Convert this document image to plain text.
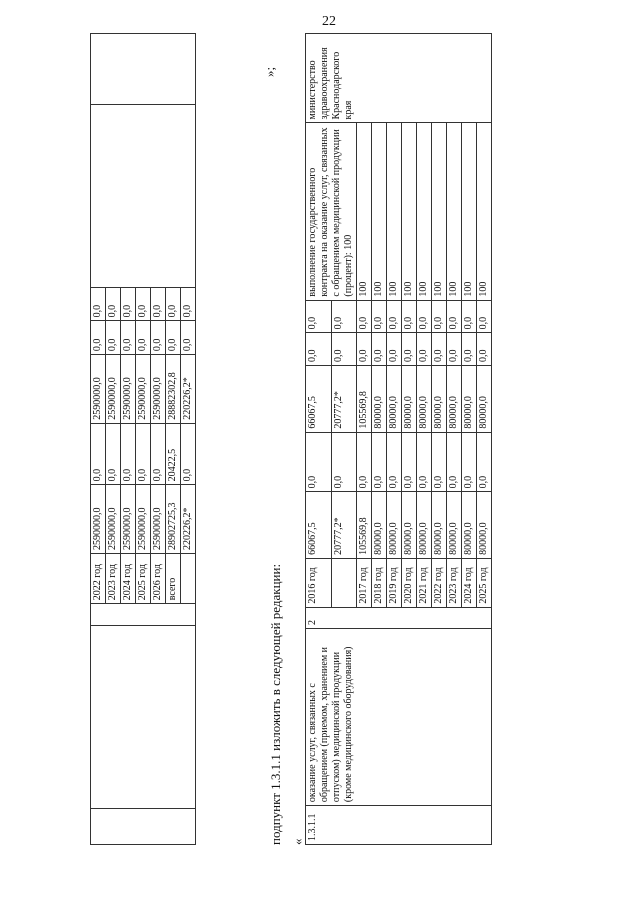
22
			2022 год	2590000,0	0,0	2590000,0	0,0	0,0		
			2023 год	2590000,0	0,0	2590000,0	0,0	0,0		
			2024 год	2590000,0	0,0	2590000,0	0,0	0,0		
			2025 год	2590000,0	0,0	2590000,0	0,0	0,0		
			2026 год	2590000,0	0,0	2590000,0	0,0	0,0		
			всего	28902725,3	20422,5	28882302,8	0,0	0,0		
				220226,2*	0,0	220226,2*	0,0	0,0		
подпункт 1.3.1.1 изложить в следующей редакции: «
»;
1.3.1.1	оказание услуг, связанных с обращением (приемом, хранением и отпуском) медицинской продукции (кроме медицинского оборудования)	2	2016 год	66067,5	0,0	66067,5	0,0	0,0	выполнение государственного контракта на оказание услуг, связанных с обращением медицинской продукции (процент): 100	министерство здравоохранения Краснодарского края
				20777,2*	0,0	20777,2*	0,0	0,0		
			2017 год	105569,8	0,0	105569,8	0,0	0,0	100	
			2018 год	80000,0	0,0	80000,0	0,0	0,0	100	
			2019 год	80000,0	0,0	80000,0	0,0	0,0	100	
			2020 год	80000,0	0,0	80000,0	0,0	0,0	100	
			2021 год	80000,0	0,0	80000,0	0,0	0,0	100	
			2022 год	80000,0	0,0	80000,0	0,0	0,0	100	
			2023 год	80000,0	0,0	80000,0	0,0	0,0	100	
			2024 год	80000,0	0,0	80000,0	0,0	0,0	100	
			2025 год	80000,0	0,0	80000,0	0,0	0,0	100	
